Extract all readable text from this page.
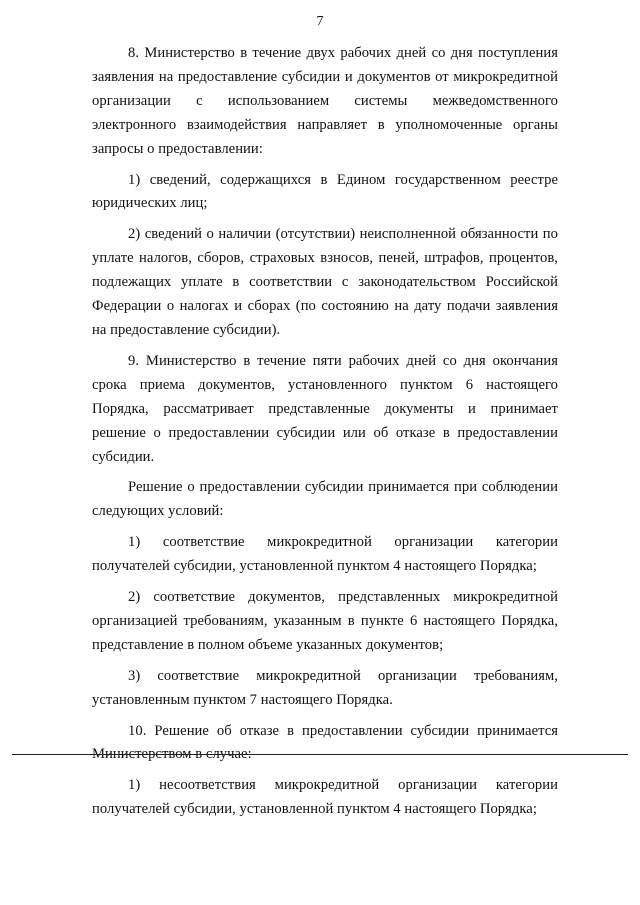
7

8. Министерство в течение двух рабочих дней со дня поступления заявления на предоставление субсидии и документов от микрокредитной организации с использованием системы межведомственного электронного взаимодействия направляет в уполномоченные органы запросы о предоставлении:

1) сведений, содержащихся в Едином государственном реестре юридических лиц;

2) сведений о наличии (отсутствии) неисполненной обязанности по уплате налогов, сборов, страховых взносов, пеней, штрафов, процентов, подлежащих уплате в соответствии с законодательством Российской Федерации о налогах и сборах (по состоянию на дату подачи заявления на предоставление субсидии).

9. Министерство в течение пяти рабочих дней со дня окончания срока приема документов, установленного пунктом 6 настоящего Порядка, рассматривает представленные документы и принимает решение о предоставлении субсидии или об отказе в предоставлении субсидии.

Решение о предоставлении субсидии принимается при соблюдении следующих условий:

1) соответствие микрокредитной организации категории получателей субсидии, установленной пунктом 4 настоящего Порядка;

2) соответствие документов, представленных микрокредитной организацией требованиям, указанным в пункте 6 настоящего Порядка, представление в полном объеме указанных документов;

3) соответствие микрокредитной организации требованиям, установленным пунктом 7 настоящего Порядка.

10. Решение об отказе в предоставлении субсидии принимается Министерством в случае:

1) несоответствия микрокредитной организации категории получателей субсидии, установленной пунктом 4 настоящего Порядка;
